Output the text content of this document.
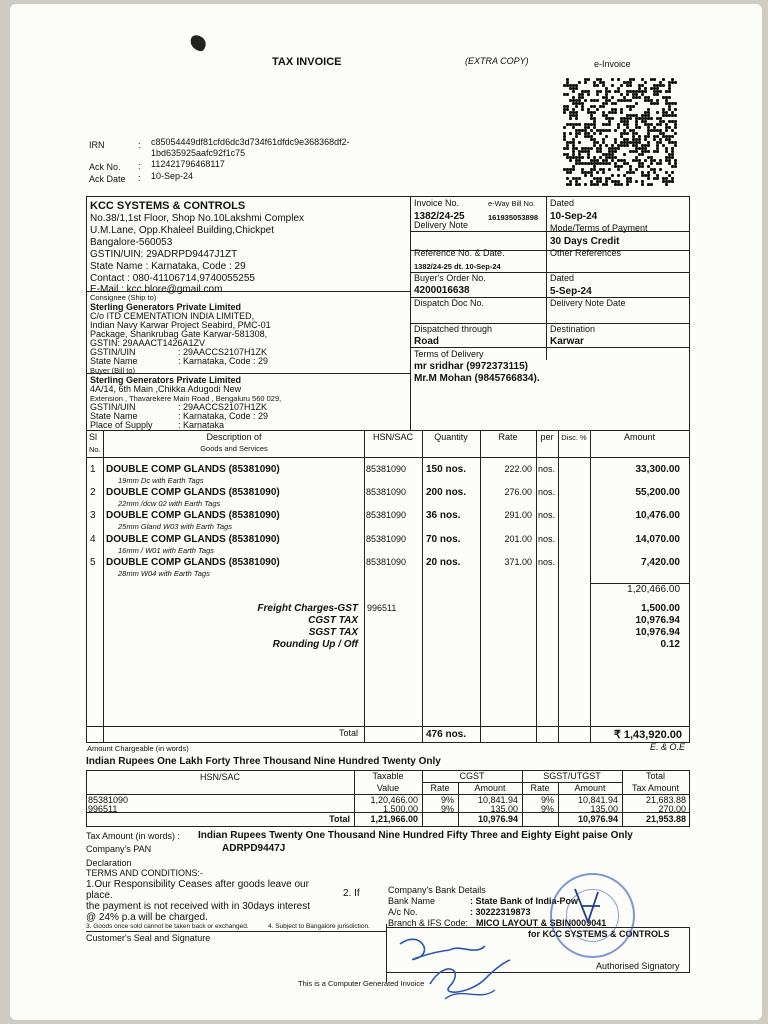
TAX INVOICE	(EXTRA COPY)	e-Invoice
IRN	: c85054449df81cfd6dc3d734f61dfdc9e368368df2-
1bd635925aafc92f1c75
Ack No. : 112421796468117
Ack Date : 10-Sep-24
KCC SYSTEMS & CONTROLS
No.38/1,1st Floor, Shop No.10Lakshmi Complex
U.M.Lane, Opp.Khaleel Building,Chickpet
Bangalore-560053
GSTIN/UIN: 29ADRPD9447J1ZT
State Name : Karnataka, Code : 29
Contact : 080-41106714,9740055255
E-Mail : kcc.blore@gmail.com
Consignee (Ship to)
Sterling Generators Private Limited
C/o ITD CEMENTATION INDIA LIMITED,
Indian Navy Karwar Project Seabird, PMC-01
Package, Shankrubag Gate Karwar-581308,
GSTIN: 29AAACT1426A1ZV
GSTIN/UIN	: 29AACCS2107H1ZK
State Name	: Karnataka, Code : 29
Buyer (Bill to)
Sterling Generators Private Limited
4A/14, 6th Main ,Chikka Adugodi New
Extension , Thavarekere Main Road , Bengaluru 560 029,
GSTIN/UIN	: 29AACCS2107H1ZK
State Name	: Karnataka, Code : 29
Place of Supply	: Karnataka
Invoice No.	e-Way Bill No. Dated
1382/24-25	161935053898 10-Sep-24
Delivery Note	Mode/Terms of Payment
30 Days Credit
Reference No. & Date.	Other References
1382/24-25 dt. 10-Sep-24
Buyer's Order No.	Dated
4200016638	5-Sep-24
Dispatch Doc No.	Delivery Note Date
Dispatched through	Destination
Road	Karwar
Terms of Delivery
mr sridhar (9972373115)
Mr.M Mohan (9845766834).
Sl
No.
Description of
Goods and Services
HSN/SAC	Quantity	Rate	per	Disc. %	Amount
1 DOUBLE COMP GLANDS (85381090)
19mm Dc with Earth Tags
85381090 150 nos.	222.00 nos.	33,300.00
2 DOUBLE COMP GLANDS (85381090)
22mm /dcw 02 with Earth Tags
85381090 200 nos.	276.00 nos.	55,200.00
3 DOUBLE COMP GLANDS (85381090)
25mm Gland W03 with Earth Tags
85381090 36 nos.	291.00 nos.	10,476.00
4 DOUBLE COMP GLANDS (85381090)
16mm / W01 with Earth Tags
85381090 70 nos.	201.00 nos.	14,070.00
5 DOUBLE COMP GLANDS (85381090)
28mm W04 with Earth Tags
85381090 20 nos.	371.00 nos.	7,420.00
1,20,466.00
Freight Charges-GST 996511	1,500.00
CGST TAX	10,976.94
SGST TAX	10,976.94
Rounding Up / Off	0.12
Total	476 nos.	₹ 1,43,920.00
Amount Chargeable (in words)	E. & O.E
Indian Rupees One Lakh Forty Three Thousand Nine Hundred Twenty Only
HSN/SAC	Taxable
Value
CGST
Rate	Amount
SGST/UTGST
Rate	Amount
Total
Tax Amount
85381090	1,20,466.00	9%	10,841.94	9%	10,841.94	21,683.88
996511	1,500.00	9%	135.00	9%	135.00	270.00
Total	1,21,966.00	10,976.94	10,976.94	21,953.88
Tax Amount (in words) : Indian Rupees Twenty One Thousand Nine Hundred Fifty Three and Eighty Eight paise Only
Company's PAN	ADRPD9447J
Declaration
TERMS AND CONDITIONS:-
1.Our Responsibility Ceases after goods leave our
place.	2. If
the payment is not received with in 30days interest
@ 24% p.a will be charged.
3. Goods once sold cannot be taken back or exchanged.	4. Subject to Bangalore jurisdiction.
Customer's Seal and Signature
Company's Bank Details
Bank Name	: State Bank of India-Pow
A/c No.	: 30222319873
Branch & IFS Code: MICO LAYOUT & SBIN0009041
for KCC SYSTEMS & CONTROLS
Authorised Signatory
This is a Computer Generated Invoice
